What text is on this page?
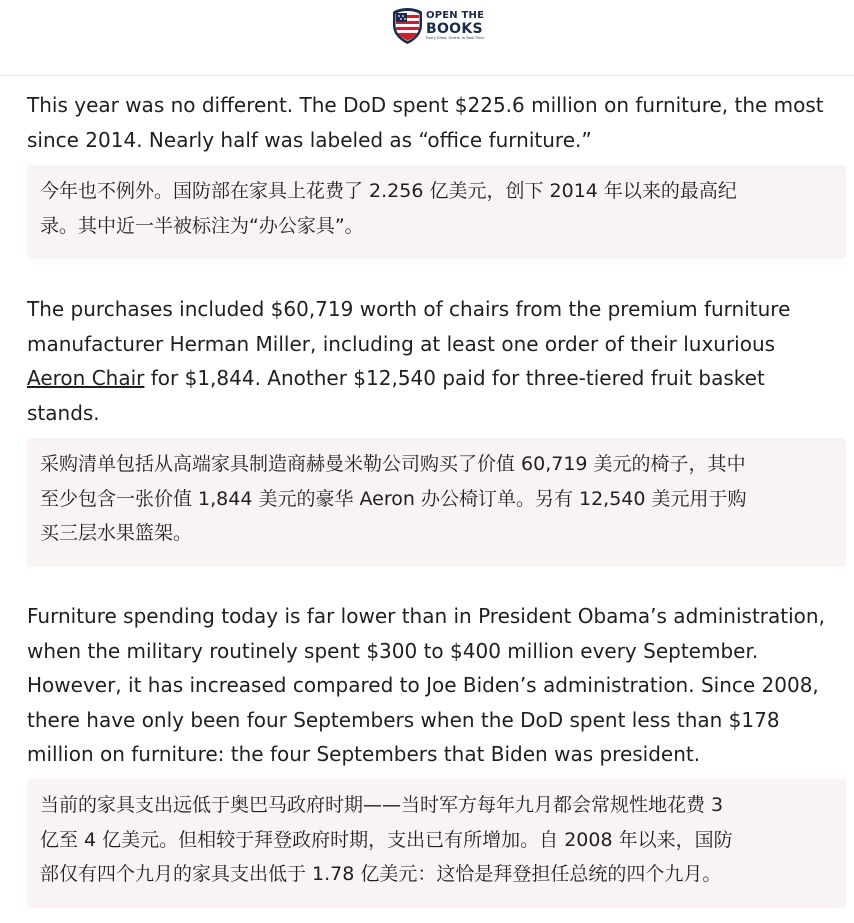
OPEN THE
BOOKS
Every Dime. Online. In Real Time.

This year was no different. The DoD spent $225.6 million on furniture, the most

since 2014. Nearly half was labeled as “office furniture.”

今年也不例外。国防部在家具上花费了 2.256 亿美元，创下 2014 年以来的最高纪
录。其中近一半被标注为“办公家具”。

The purchases included $60,719 worth of chairs from the premium furniture

manufacturer Herman Miller, including at least one order of their luxurious

Aeron Chair for $1,844. Another $12,540 paid for three-tiered fruit basket

stands.

采购清单包括从高端家具制造商赫曼米勒公司购买了价值 60,719 美元的椅子，其中
至少包含一张价值 1,844 美元的豪华 Aeron 办公椅订单。另有 12,540 美元用于购
买三层水果篮架。

Furniture spending today is far lower than in President Obama’s administration,

when the military routinely spent $300 to $400 million every September.

However, it has increased compared to Joe Biden’s administration. Since 2008,

there have only been four Septembers when the DoD spent less than $178

million on furniture: the four Septembers that Biden was president.

当前的家具支出远低于奥巴马政府时期——当时军方每年九月都会常规性地花费 3
亿至 4 亿美元。但相较于拜登政府时期，支出已有所增加。自 2008 年以来，国防
部仅有四个九月的家具支出低于 1.78 亿美元：这恰是拜登担任总统的四个九月。
